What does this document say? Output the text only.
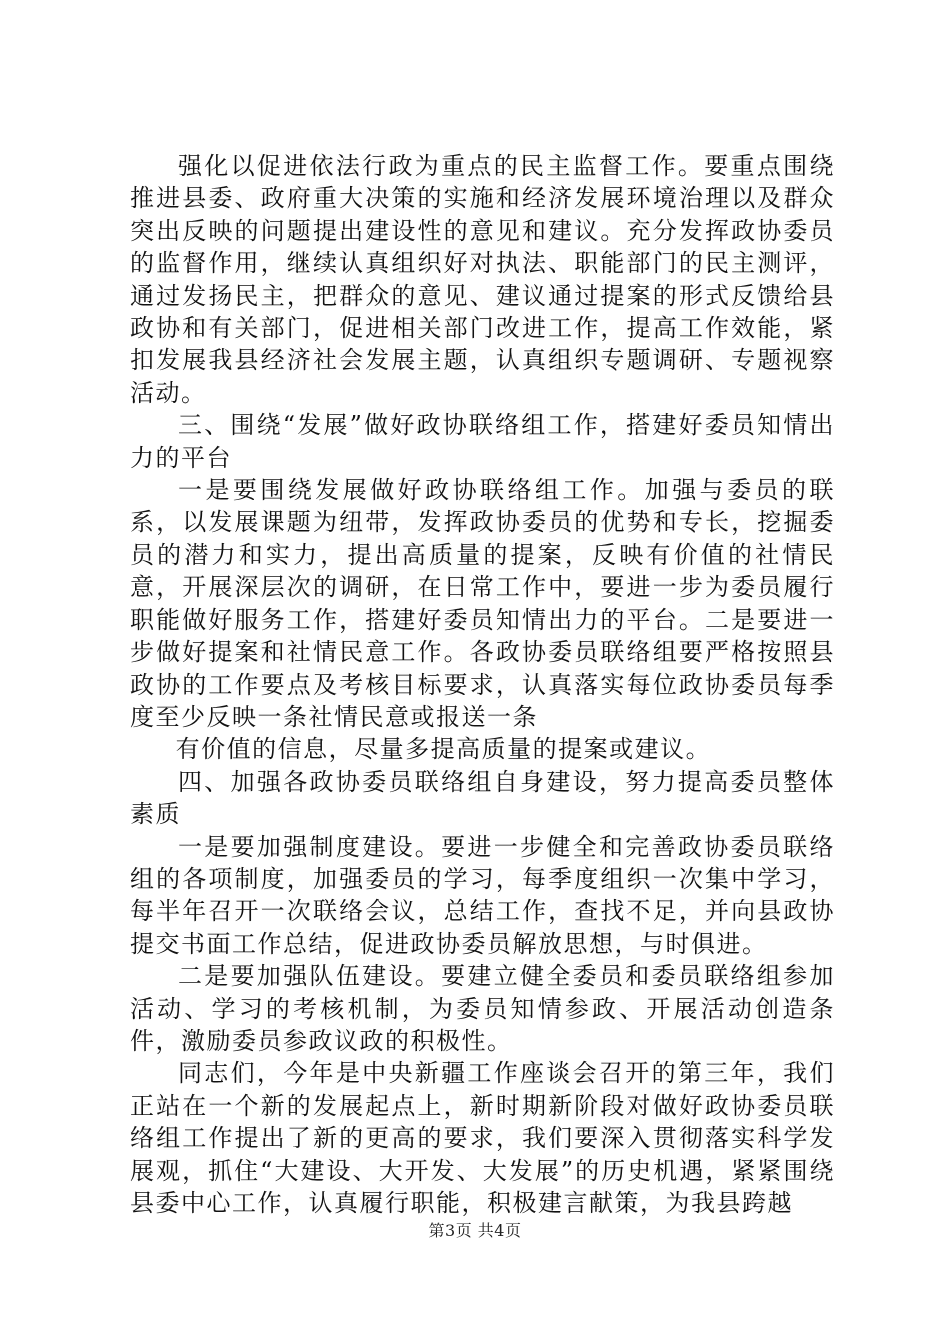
强化以促进依法行政为重点的民主监督工作。要重点围绕推进县委、政府重大决策的实施和经济发展环境治理以及群众突出反映的问题提出建设性的意见和建议。充分发挥政协委员的监督作用，继续认真组织好对执法、职能部门的民主测评，通过发扬民主，把群众的意见、建议通过提案的形式反馈给县政协和有关部门，促进相关部门改进工作，提高工作效能，紧扣发展我县经济社会发展主题，认真组织专题调研、专题视察活动。

三、围绕“发展”做好政协联络组工作，搭建好委员知情出力的平台

一是要围绕发展做好政协联络组工作。加强与委员的联系，以发展课题为纽带，发挥政协委员的优势和专长，挖掘委员的潜力和实力，提出高质量的提案，反映有价值的社情民意，开展深层次的调研，在日常工作中，要进一步为委员履行职能做好服务工作，搭建好委员知情出力的平台。二是要进一步做好提案和社情民意工作。各政协委员联络组要严格按照县政协的工作要点及考核目标要求，认真落实每位政协委员每季度至少反映一条社情民意或报送一条

有价值的信息，尽量多提高质量的提案或建议。

四、加强各政协委员联络组自身建设，努力提高委员整体素质

一是要加强制度建设。要进一步健全和完善政协委员联络组的各项制度，加强委员的学习，每季度组织一次集中学习，每半年召开一次联络会议，总结工作，查找不足，并向县政协提交书面工作总结，促进政协委员解放思想，与时俱进。

二是要加强队伍建设。要建立健全委员和委员联络组参加活动、学习的考核机制，为委员知情参政、开展活动创造条件，激励委员参政议政的积极性。

同志们，今年是中央新疆工作座谈会召开的第三年，我们正站在一个新的发展起点上，新时期新阶段对做好政协委员联络组工作提出了新的更高的要求，我们要深入贯彻落实科学发展观，抓住“大建设、大开发、大发展”的历史机遇，紧紧围绕县委中心工作，认真履行职能，积极建言献策，为我县跨越

第3页 共4页
